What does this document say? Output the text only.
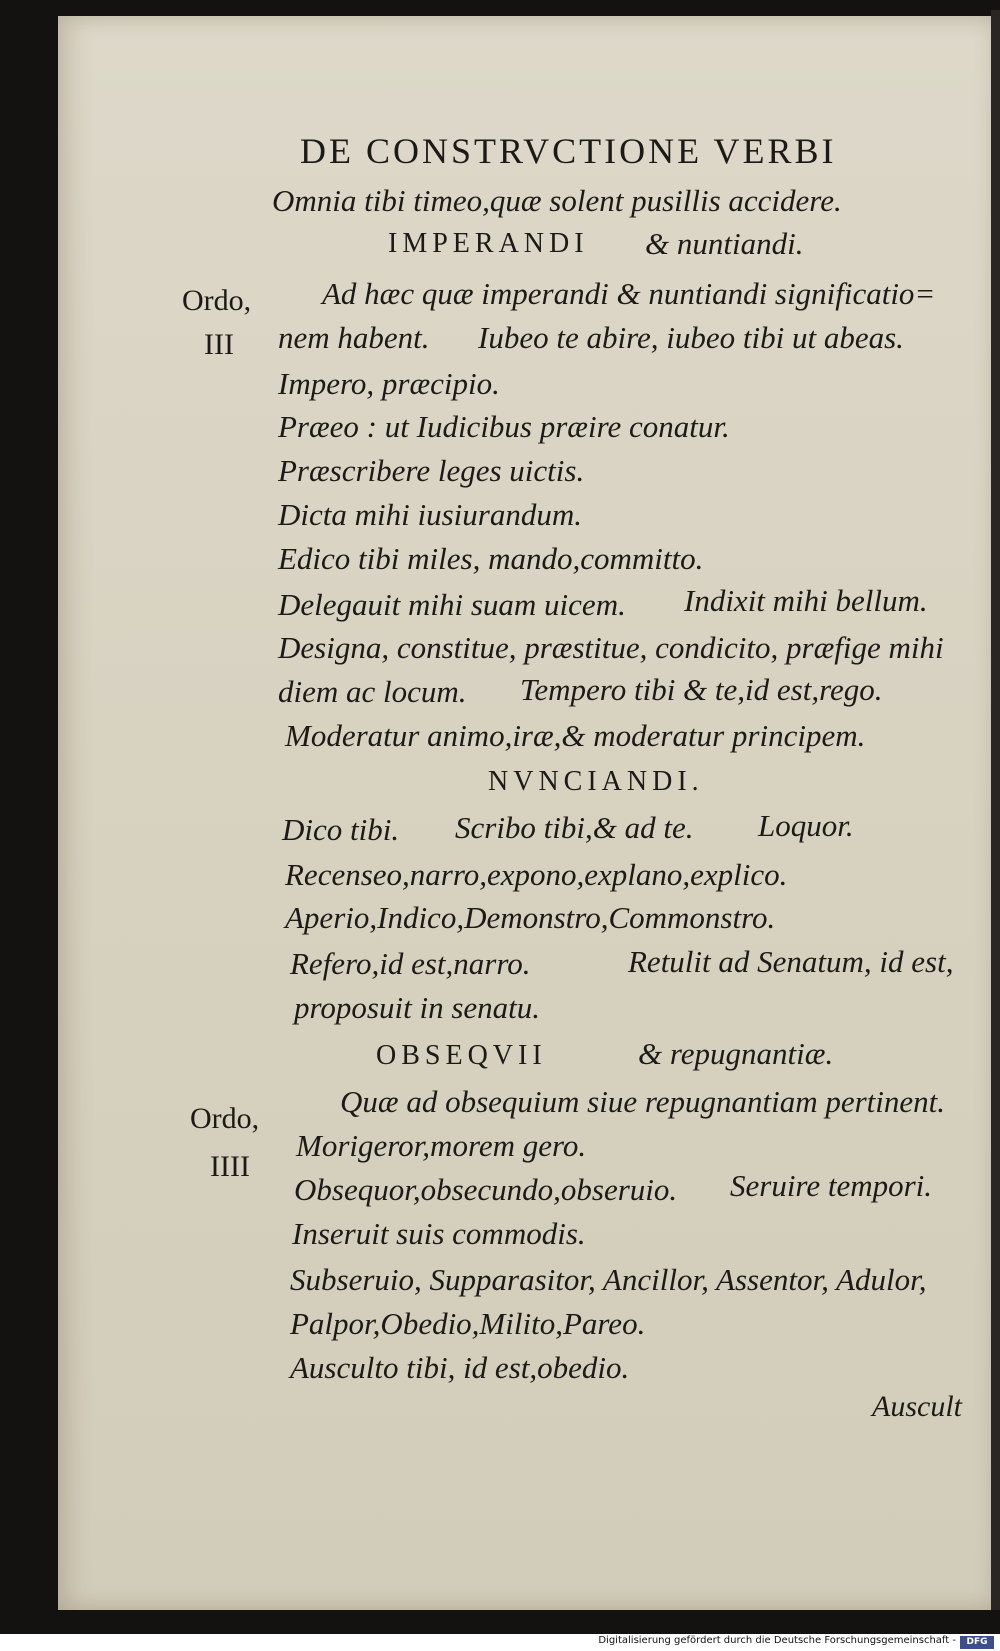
DE CONSTRVCTIONE VERBI
Omnia tibi timeo,quæ solent pusillis accidere.
IMPERANDI & nuntiandi.
Ordo, Ad hæc quæ imperandi & nuntiandi significatio=
III nem habent. Iubeo te abire, iubeo tibi ut abeas.
Impero, præcipio.
Præeo : ut Iudicibus præire conatur.
Præscribere leges uictis.
Dicta mihi iusiurandum.
Edico tibi miles, mando,committo.
Delegauit mihi suam uicem. Indixit mihi bellum.
Designa, constitue, præstitue, condicito, præfige mihi
diem ac locum. Tempero tibi & te,id est,rego.
Moderatur animo,iræ,& moderatur principem.
NVNCIANDI.
Dico tibi. Scribo tibi,& ad te. Loquor.
Recenseo,narro,expono,explano,explico.
Aperio,Indico,Demonstro,Commonstro.
Refero,id est,narro.	Retulit ad Senatum, id est,
proposuit in senatu.
OBSEQVII	& repugnantiæ.
Ordo,	Quæ ad obsequium siue repugnantiam pertinent.
IIII
Morigeror,morem gero.
Obsequor,obsecundo,obseruio. Seruire tempori.
Inseruit suis commodis.
Subseruio, Supparasitor, Ancillor, Assentor, Adulor,
Palpor,Obedio,Milito,Pareo.
Ausculto tibi, id est,obedio.
Auscult
Digitalisierung gefördert durch die Deutsche Forschungsgemeinschaft -	DFG
